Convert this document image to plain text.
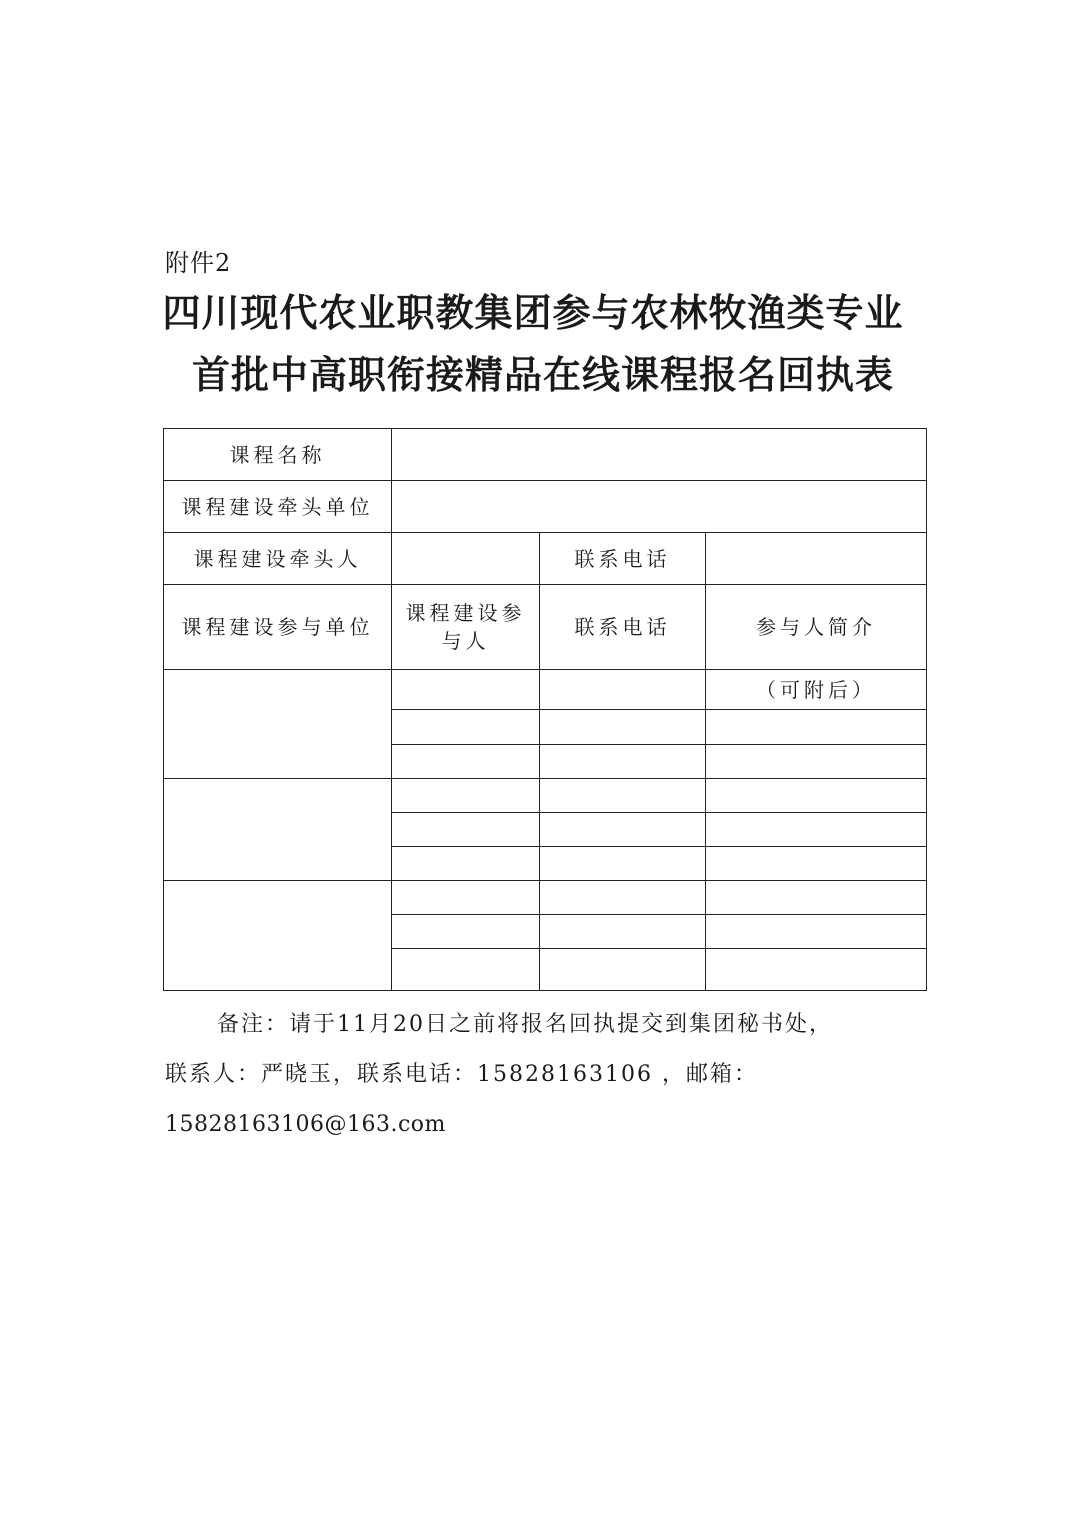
附件2
四川现代农业职教集团参与农林牧渔类专业
首批中高职衔接精品在线课程报名回执表
课程名称			
课程建设牵头单位			
课程建设牵头人		联系电话	
课程建设参与单位	课程建设参与人	联系电话	参与人简介
			（可附后）

备注：请于11月20日之前将报名回执提交到集团秘书处，
联系人：严晓玉，联系电话：15828163106 ，邮箱：
15828163106@163.com
